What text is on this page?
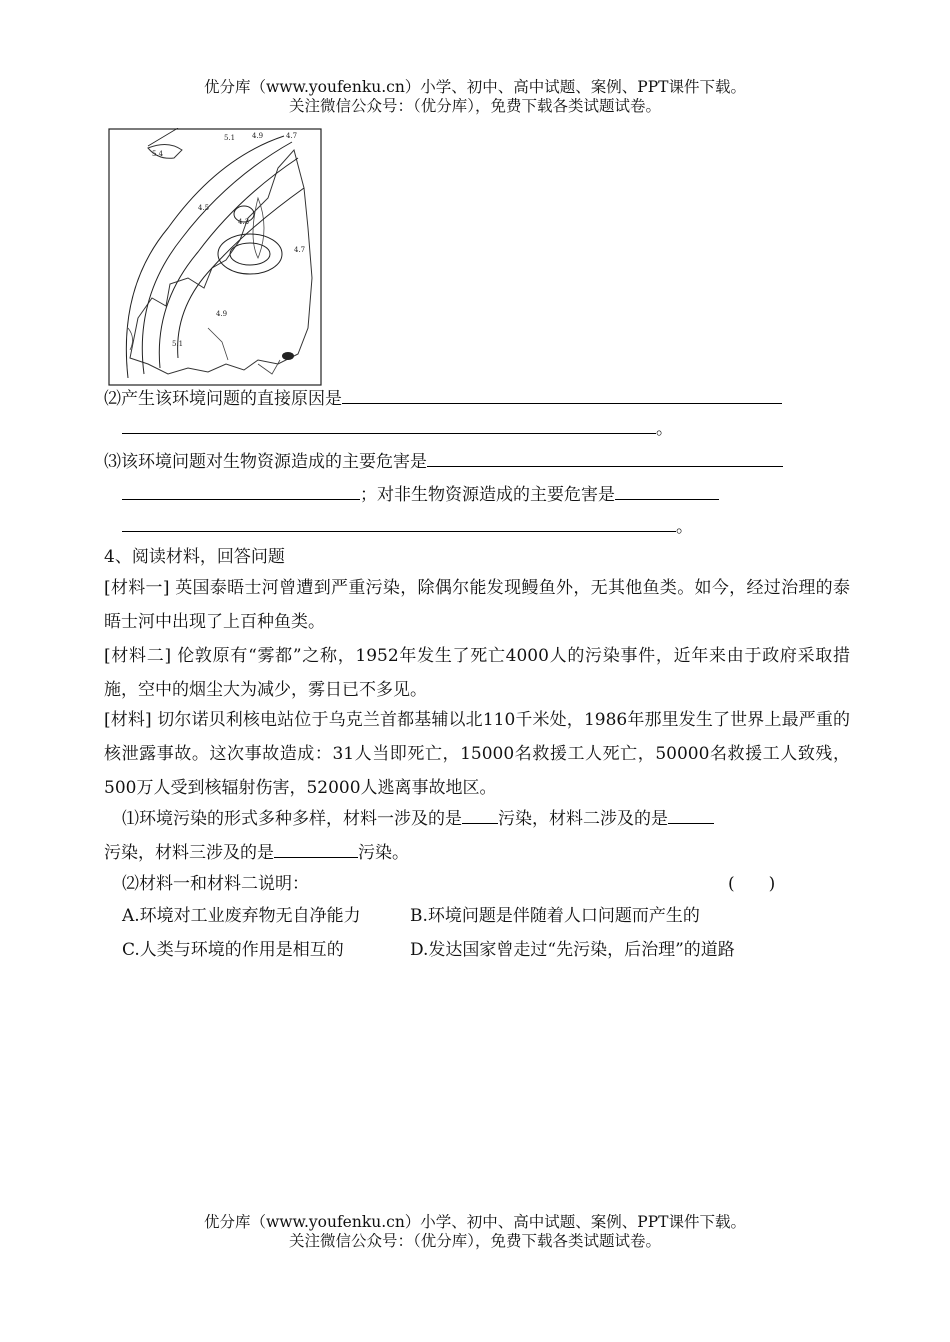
优分库（www.youfenku.cn）小学、初中、高中试题、案例、PPT课件下载。
关注微信公众号：（优分库），免费下载各类试题试卷。
5.1 4.9	4.7
5.4
4.5
4.3
4.7
4.9
5.1
⑵产生该环境问题的直接原因是
。
⑶该环境问题对生物资源造成的主要危害是
；对非生物资源造成的主要危害是
。
4、阅读材料，回答问题
[材料一] 英国泰晤士河曾遭到严重污染，除偶尔能发现鳗鱼外，无其他鱼类。如今，经过治理的泰晤士河中出现了上百种鱼类。
[材料二] 伦敦原有“雾都”之称，1952年发生了死亡4000人的污染事件，近年来由于政府采取措施，空中的烟尘大为减少，雾日已不多见。
[材料] 切尔诺贝利核电站位于乌克兰首都基辅以北110千米处，1986年那里发生了世界上最严重的核泄露事故。这次事故造成：31人当即死亡，15000名救援工人死亡，50000名救援工人致残，500万人受到核辐射伤害，52000人逃离事故地区。
⑴环境污染的形式多种多样，材料一涉及的是 污染，材料二涉及的是
污染，材料三涉及的是	污染。
⑵材料一和材料二说明：	(　　)
A.环境对工业废弃物无自净能力	B.环境问题是伴随着人口问题而产生的
C.人类与环境的作用是相互的	D.发达国家曾走过“先污染，后治理”的道路
优分库（www.youfenku.cn）小学、初中、高中试题、案例、PPT课件下载。
关注微信公众号：（优分库），免费下载各类试题试卷。
